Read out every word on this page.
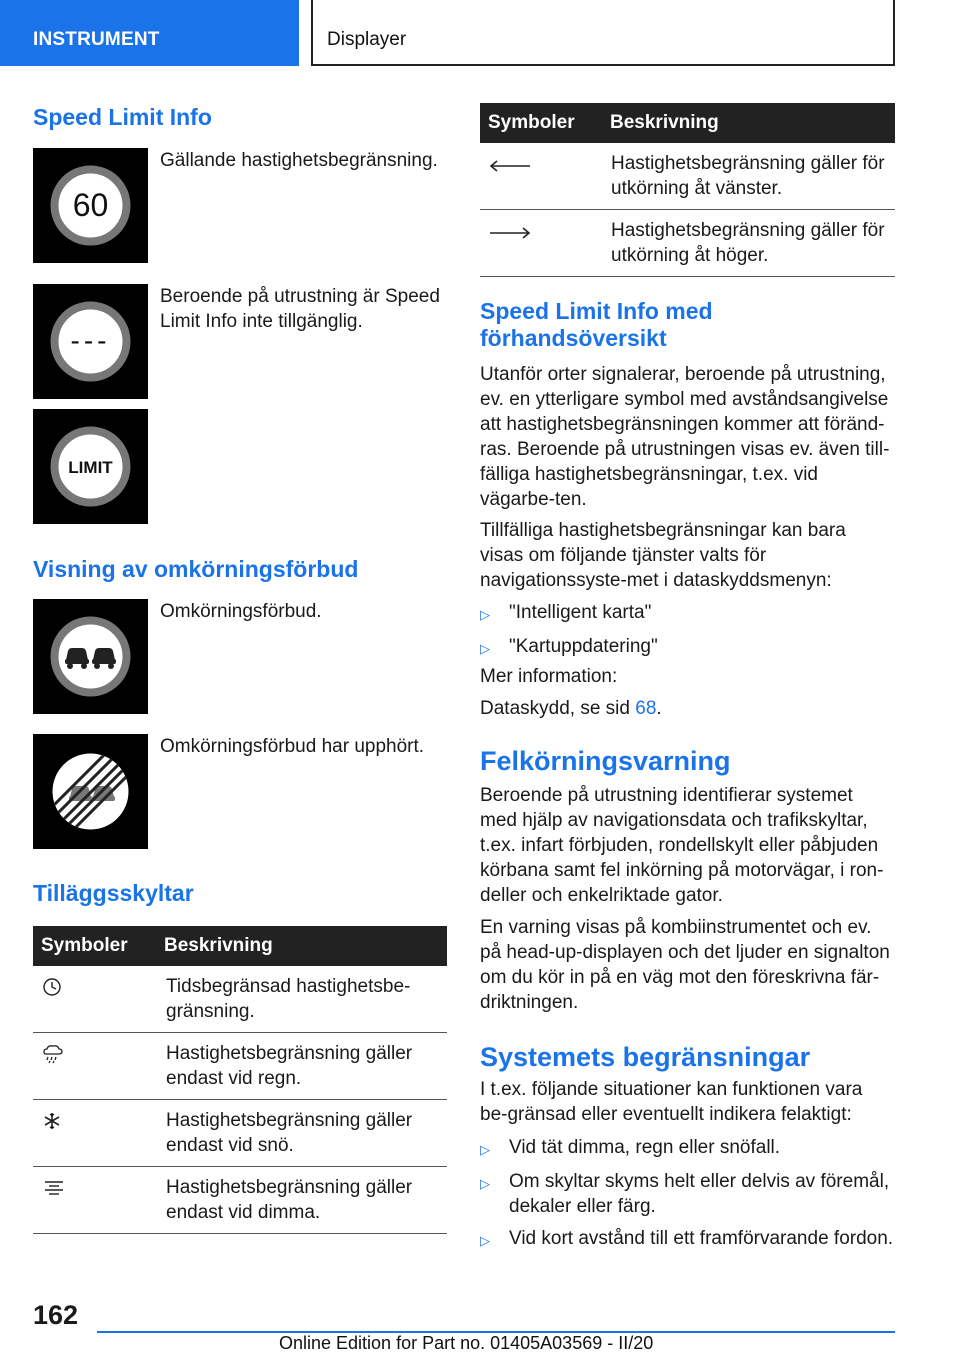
INSTRUMENT	Displayer
Speed Limit Info
60
Gällande hastighetsbegränsning.
---
Beroende på utrustning är Speed Limit Info inte tillgänglig.
LIMIT
Visning av omkörningsförbud
Omkörningsförbud.
Omkörningsförbud har upphört.
Tilläggsskyltar
Symboler	Beskrivning
	Tidsbegränsad hastighetsbe-gränsning.
	Hastighetsbegränsning gäller endast vid regn.
	Hastighetsbegränsning gäller endast vid snö.
	Hastighetsbegränsning gäller endast vid dimma.
Symboler	Beskrivning
	Hastighetsbegränsning gäller för utkörning åt vänster.
	Hastighetsbegränsning gäller för utkörning åt höger.
Speed Limit Info med förhandsöversikt
Utanför orter signalerar, beroende på utrustning, ev. en ytterligare symbol med avståndsangivelse att hastighetsbegränsningen kommer att föränd-ras. Beroende på utrustningen visas ev. även till-fälliga hastighetsbegränsningar, t.ex. vid vägarbe-ten.
Tillfälliga hastighetsbegränsningar kan bara visas om följande tjänster valts för navigationssyste-met i dataskyddsmenyn:
▷	"Intelligent karta"
▷	"Kartuppdatering"
Mer information:
Dataskydd, se sid 68.
Felkörningsvarning
Beroende på utrustning identifierar systemet med hjälp av navigationsdata och trafikskyltar, t.ex. infart förbjuden, rondellskylt eller påbjuden körbana samt fel inkörning på motorvägar, i ron-deller och enkelriktade gator.
En varning visas på kombiinstrumentet och ev. på head-up-displayen och det ljuder en signalton om du kör in på en väg mot den föreskrivna fär-driktningen.
Systemets begränsningar
I t.ex. följande situationer kan funktionen vara be-gränsad eller eventuellt indikera felaktigt:
▷	Vid tät dimma, regn eller snöfall.
▷	Om skyltar skyms helt eller delvis av föremål, dekaler eller färg.
▷	Vid kort avstånd till ett framförvarande fordon.
162
Online Edition for Part no. 01405A03569 - II/20
